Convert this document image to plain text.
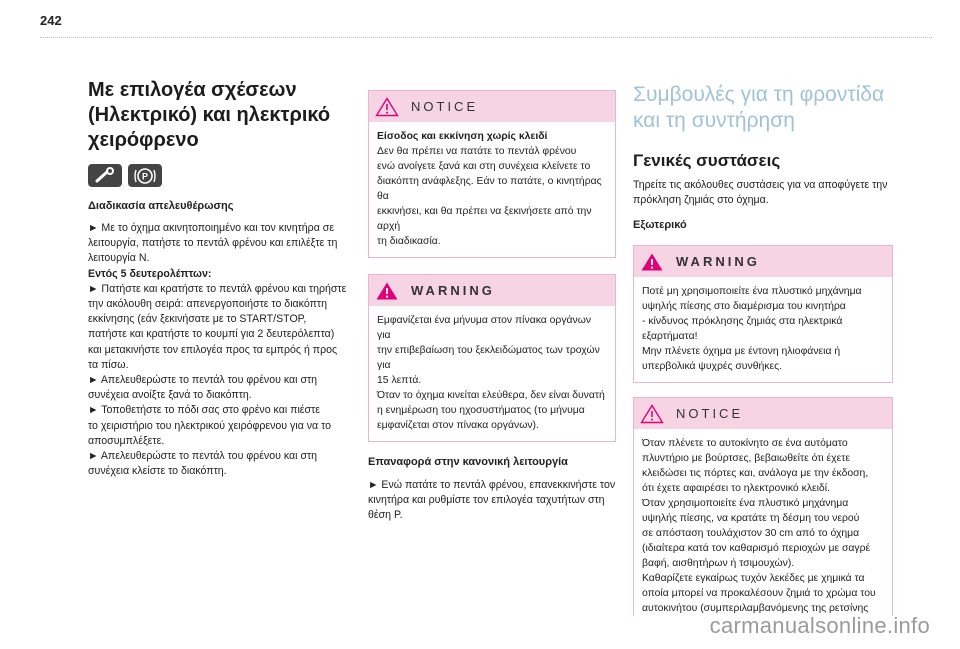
242
Με επιλογέα σχέσεων
(Ηλεκτρικό) και ηλεκτρικό
χειρόφρενο
P
Διαδικασία απελευθέρωσης

► Με το όχημα ακινητοποιημένο και τον κινητήρα σε

λειτουργία, πατήστε το πεντάλ φρένου και επιλέξτε τη

λειτουργία N.

Εντός 5 δευτερολέπτων:

► Πατήστε και κρατήστε το πεντάλ φρένου και τηρήστε

την ακόλουθη σειρά: απενεργοποιήστε το διακόπτη

εκκίνησης (εάν ξεκινήσατε με το START/STOP,

πατήστε και κρατήστε το κουμπί για 2 δευτερόλεπτα)

και μετακινήστε τον επιλογέα προς τα εμπρός ή προς

τα πίσω.

► Απελευθερώστε το πεντάλ του φρένου και στη

συνέχεια ανοίξτε ξανά το διακόπτη.

► Τοποθετήστε το πόδι σας στο φρένο και πιέστε

το χειριστήριο του ηλεκτρικού χειρόφρενου για να το

αποσυμπλέξετε.

► Απελευθερώστε το πεντάλ του φρένου και στη

συνέχεια κλείστε το διακόπτη.

NOTICE

Είσοδος και εκκίνηση χωρίς κλειδί

Δεν θα πρέπει να πατάτε το πεντάλ φρένου

ενώ ανοίγετε ξανά και στη συνέχεια κλείνετε το

διακόπτη ανάφλεξης. Εάν το πατάτε, ο κινητήρας θα

εκκινήσει, και θα πρέπει να ξεκινήσετε από την αρχή

τη διαδικασία.

WARNING

Εμφανίζεται ένα μήνυμα στον πίνακα οργάνων για

την επιβεβαίωση του ξεκλειδώματος των τροχών για

15 λεπτά.

Όταν το όχημα κινείται ελεύθερα, δεν είναι δυνατή

η ενημέρωση του ηχοσυστήματος (το μήνυμα

εμφανίζεται στον πίνακα οργάνων).

Επαναφορά στην κανονική λειτουργία

► Ενώ πατάτε το πεντάλ φρένου, επανεκκινήστε τον

κινητήρα και ρυθμίστε τον επιλογέα ταχυτήτων στη

θέση P.

Συμβουλές για τη φροντίδα
και τη συντήρηση
Γενικές συστάσεις

Τηρείτε τις ακόλουθες συστάσεις για να αποφύγετε την

πρόκληση ζημιάς στο όχημα.

Εξωτερικό
WARNING

Ποτέ μη χρησιμοποιείτε ένα πλυστικό μηχάνημα

υψηλής πίεσης στο διαμέρισμα του κινητήρα

- κίνδυνος πρόκλησης ζημιάς στα ηλεκτρικά

εξαρτήματα!

Μην πλένετε όχημα με έντονη ηλιοφάνεια ή

υπερβολικά ψυχρές συνθήκες.

NOTICE

Όταν πλένετε το αυτοκίνητο σε ένα αυτόματο

πλυντήριο με βούρτσες, βεβαιωθείτε ότι έχετε

κλειδώσει τις πόρτες και, ανάλογα με την έκδοση,

ότι έχετε αφαιρέσει το ηλεκτρονικό κλειδί.

Όταν χρησιμοποιείτε ένα πλυστικό μηχάνημα

υψηλής πίεσης, να κρατάτε τη δέσμη του νερού

σε απόσταση τουλάχιστον 30 cm από το όχημα

(ιδιαίτερα κατά τον καθαρισμό περιοχών με σαγρέ

βαφή, αισθητήρων ή τσιμουχών).

Καθαρίζετε εγκαίρως τυχόν λεκέδες με χημικά τα

οποία μπορεί να προκαλέσουν ζημιά το χρώμα του

αυτοκινήτου (συμπεριλαμβανόμενης της ρετσίνης

carmanualsonline.info
